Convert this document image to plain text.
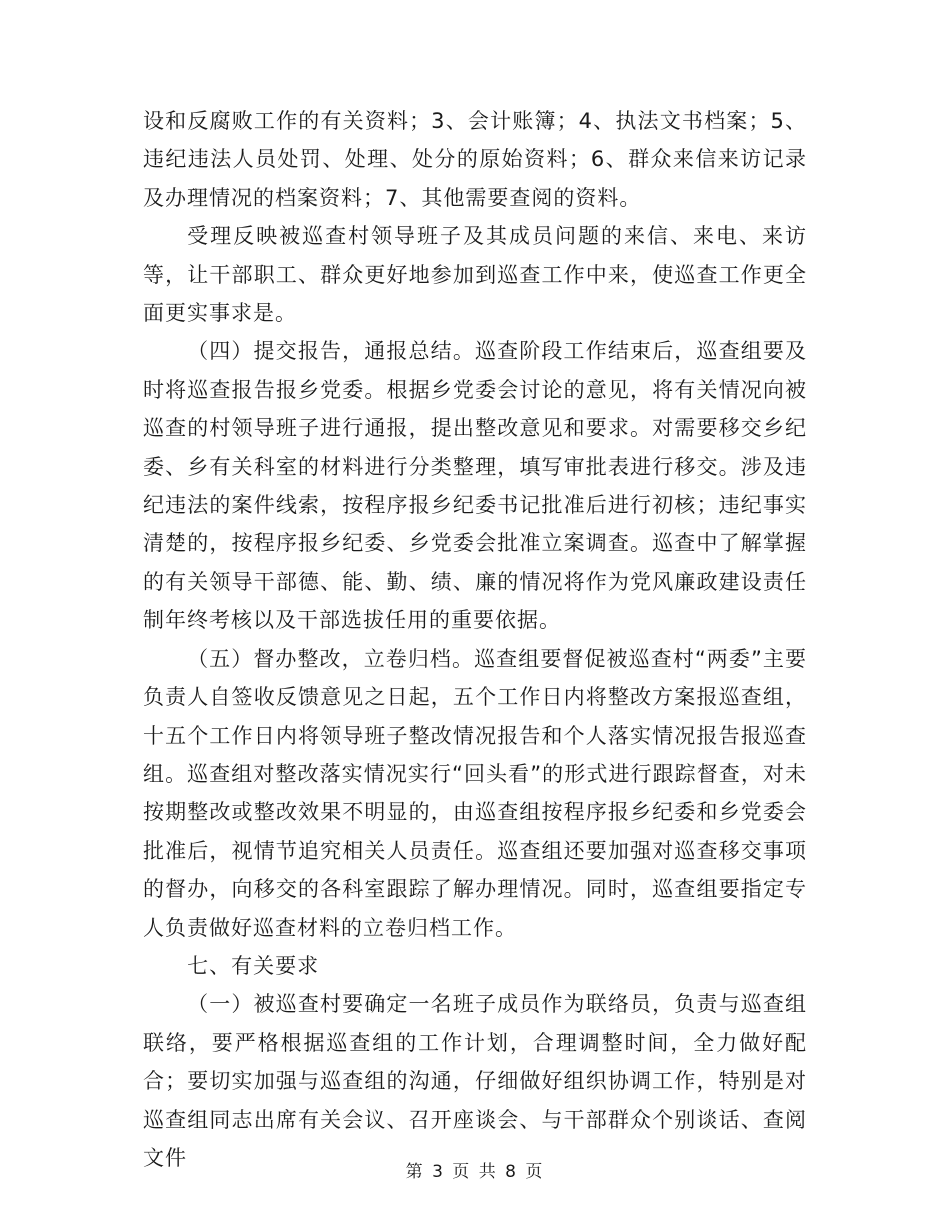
设和反腐败工作的有关资料；3、会计账簿；4、执法文书档案；5、违纪违法人员处罚、处理、处分的原始资料；6、群众来信来访记录及办理情况的档案资料；7、其他需要查阅的资料。

受理反映被巡查村领导班子及其成员问题的来信、来电、来访等，让干部职工、群众更好地参加到巡查工作中来，使巡查工作更全面更实事求是。

（四）提交报告，通报总结。巡查阶段工作结束后，巡查组要及时将巡查报告报乡党委。根据乡党委会讨论的意见，将有关情况向被巡查的村领导班子进行通报，提出整改意见和要求。对需要移交乡纪委、乡有关科室的材料进行分类整理，填写审批表进行移交。涉及违纪违法的案件线索，按程序报乡纪委书记批准后进行初核；违纪事实清楚的，按程序报乡纪委、乡党委会批准立案调查。巡查中了解掌握的有关领导干部德、能、勤、绩、廉的情况将作为党风廉政建设责任制年终考核以及干部选拔任用的重要依据。

（五）督办整改，立卷归档。巡查组要督促被巡查村“两委”主要负责人自签收反馈意见之日起，五个工作日内将整改方案报巡查组，十五个工作日内将领导班子整改情况报告和个人落实情况报告报巡查组。巡查组对整改落实情况实行“回头看”的形式进行跟踪督查，对未按期整改或整改效果不明显的，由巡查组按程序报乡纪委和乡党委会批准后，视情节追究相关人员责任。巡查组还要加强对巡查移交事项的督办，向移交的各科室跟踪了解办理情况。同时，巡查组要指定专人负责做好巡查材料的立卷归档工作。

七、有关要求

（一）被巡查村要确定一名班子成员作为联络员，负责与巡查组联络，要严格根据巡查组的工作计划，合理调整时间，全力做好配合；要切实加强与巡查组的沟通，仔细做好组织协调工作，特别是对巡查组同志出席有关会议、召开座谈会、与干部群众个别谈话、查阅文件

第 3 页 共 8 页
